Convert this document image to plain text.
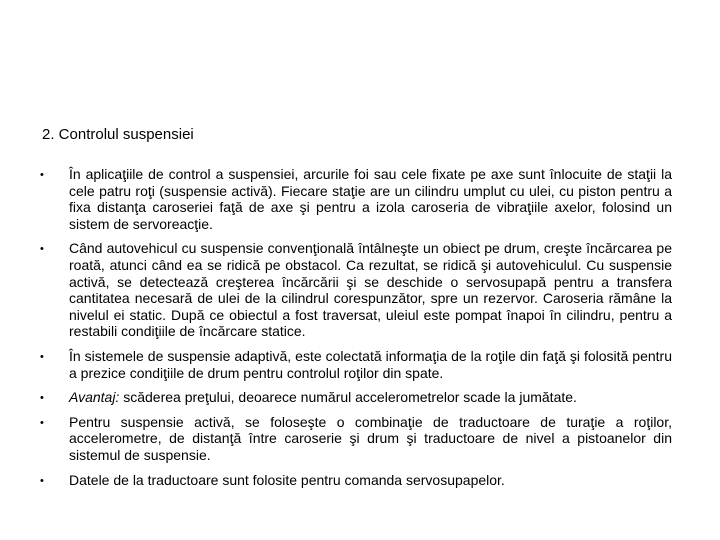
2. Controlul suspensiei
• În aplicaţiile de control a suspensiei, arcurile foi sau cele fixate pe axe sunt înlocuite de staţii la cele patru roţi (suspensie activă). Fiecare staţie are un cilindru umplut cu ulei, cu piston pentru a fixa distanţa caroseriei faţă de axe şi pentru a izola caroseria de vibraţiile axelor, folosind un sistem de servoreacţie.
• Când autovehicul cu suspensie convenţională întâlneşte un obiect pe drum, creşte încărcarea pe roată, atunci când ea se ridică pe obstacol. Ca rezultat, se ridică şi autovehiculul. Cu suspensie activă, se detectează creşterea încărcării şi se deschide o servosupapă pentru a transfera cantitatea necesară de ulei de la cilindrul corespunzător, spre un rezervor. Caroseria rămâne la nivelul ei static. După ce obiectul a fost traversat, uleiul este pompat înapoi în cilindru, pentru a restabili condiţiile de încărcare statice.
• În sistemele de suspensie adaptivă, este colectată informaţia de la roţile din faţă şi folosită pentru a prezice condiţiile de drum pentru controlul roţilor din spate.
• Avantaj: scăderea preţului, deoarece numărul accelerometrelor scade la jumătate.
• Pentru suspensie activă, se foloseşte o combinaţie de traductoare de turaţie a roţilor, accelerometre, de distanţă între caroserie şi drum şi traductoare de nivel a pistoanelor din sistemul de suspensie.
• Datele de la traductoare sunt folosite pentru comanda servosupapelor.
